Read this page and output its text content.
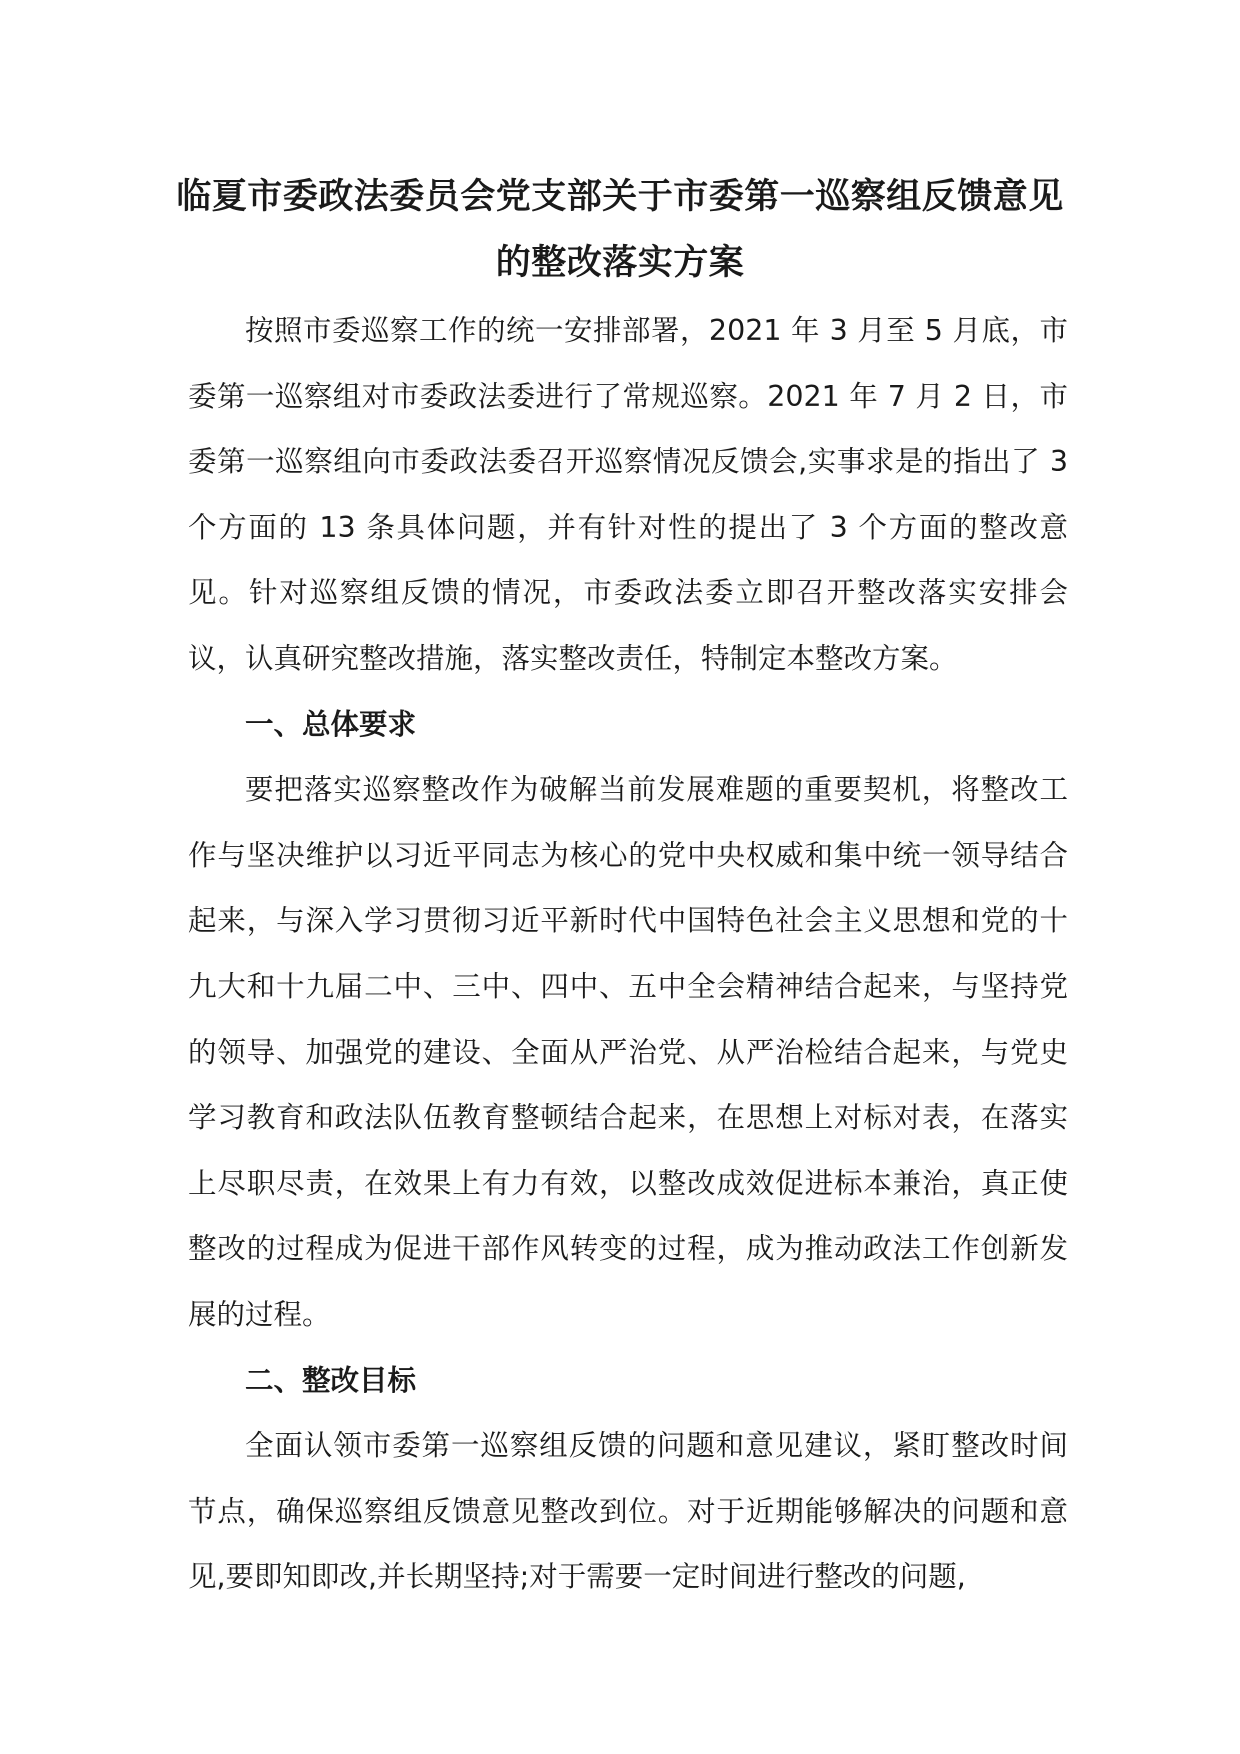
临夏市委政法委员会党支部关于市委第一巡察组反馈意见
的整改落实方案

按照市委巡察工作的统一安排部署，2021 年 3 月至 5 月底，市委第一巡察组对市委政法委进行了常规巡察。2021 年 7 月 2 日，市委第一巡察组向市委政法委召开巡察情况反馈会,实事求是的指出了 3 个方面的 13 条具体问题，并有针对性的提出了 3 个方面的整改意见。针对巡察组反馈的情况，市委政法委立即召开整改落实安排会议，认真研究整改措施，落实整改责任，特制定本整改方案。

一、总体要求

要把落实巡察整改作为破解当前发展难题的重要契机，将整改工作与坚决维护以习近平同志为核心的党中央权威和集中统一领导结合起来，与深入学习贯彻习近平新时代中国特色社会主义思想和党的十九大和十九届二中、三中、四中、五中全会精神结合起来，与坚持党的领导、加强党的建设、全面从严治党、从严治检结合起来，与党史学习教育和政法队伍教育整顿结合起来，在思想上对标对表，在落实上尽职尽责，在效果上有力有效，以整改成效促进标本兼治，真正使整改的过程成为促进干部作风转变的过程，成为推动政法工作创新发展的过程。

二、整改目标

全面认领市委第一巡察组反馈的问题和意见建议，紧盯整改时间节点，确保巡察组反馈意见整改到位。对于近期能够解决的问题和意见,要即知即改,并长期坚持;对于需要一定时间进行整改的问题,
